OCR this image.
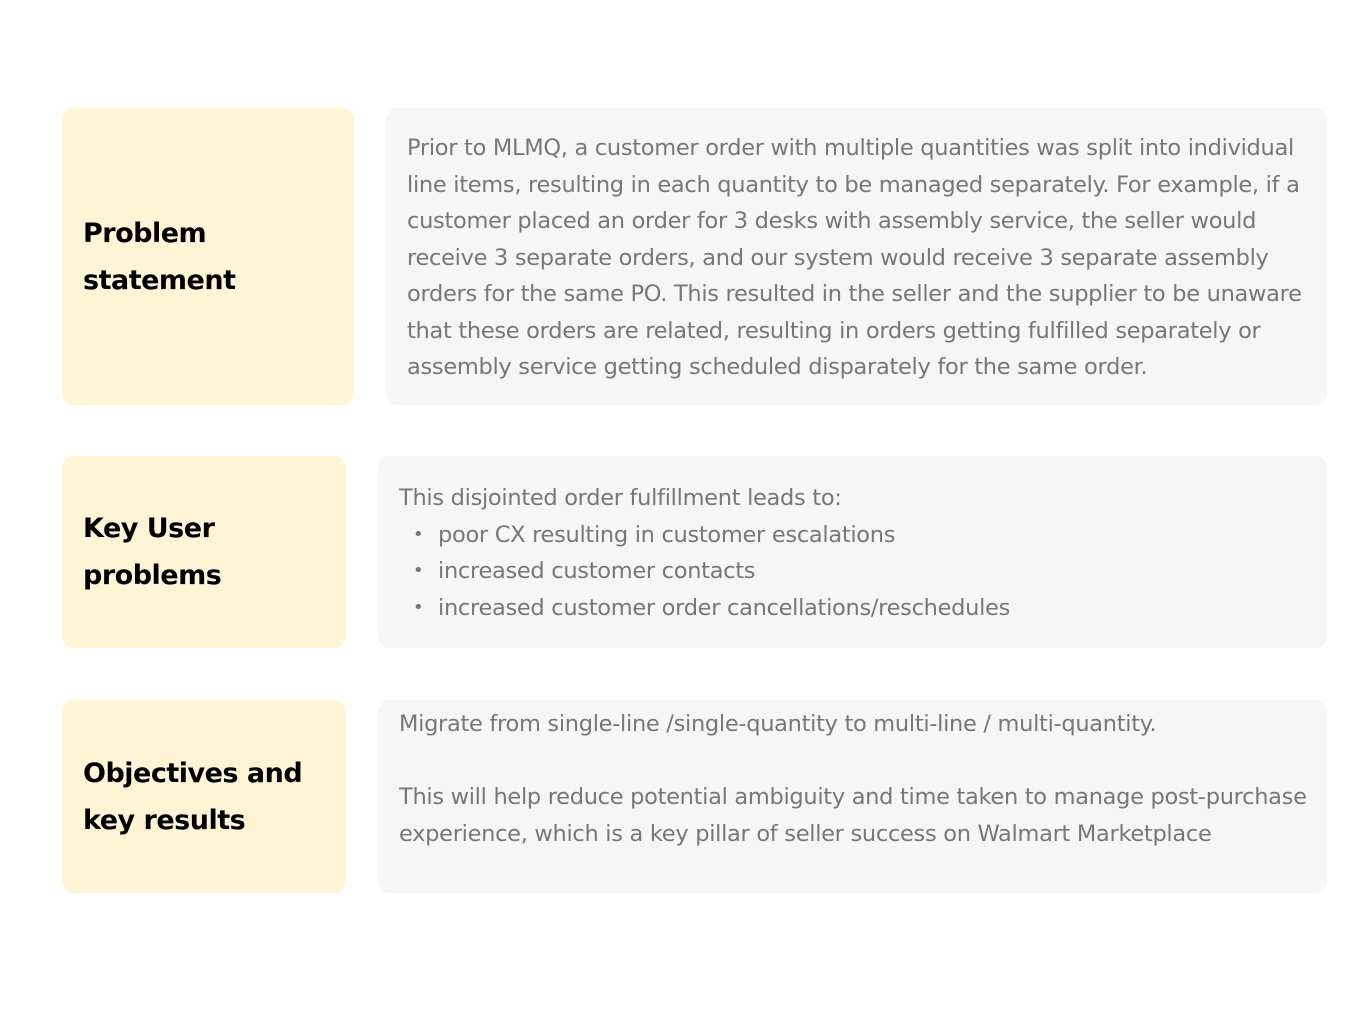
Problem statement

Prior to MLMQ, a customer order with multiple quantities was split into individual line items, resulting in each quantity to be managed separately. For example, if a customer placed an order for 3 desks with assembly service, the seller would receive 3 separate orders, and our system would receive 3 separate assembly orders for the same PO. This resulted in the seller and the supplier to be unaware that these orders are related, resulting in orders getting fulfilled separately or assembly service getting scheduled disparately for the same order.

Key User problems

This disjointed order fulfillment leads to:

• poor CX resulting in customer escalations
• increased customer contacts
• increased customer order cancellations/reschedules
Objectives and
key results

Migrate from single-line /single-quantity to multi-line / multi-quantity.

This will help reduce potential ambiguity and time taken to manage post-purchase experience, which is a key pillar of seller success on Walmart Marketplace
